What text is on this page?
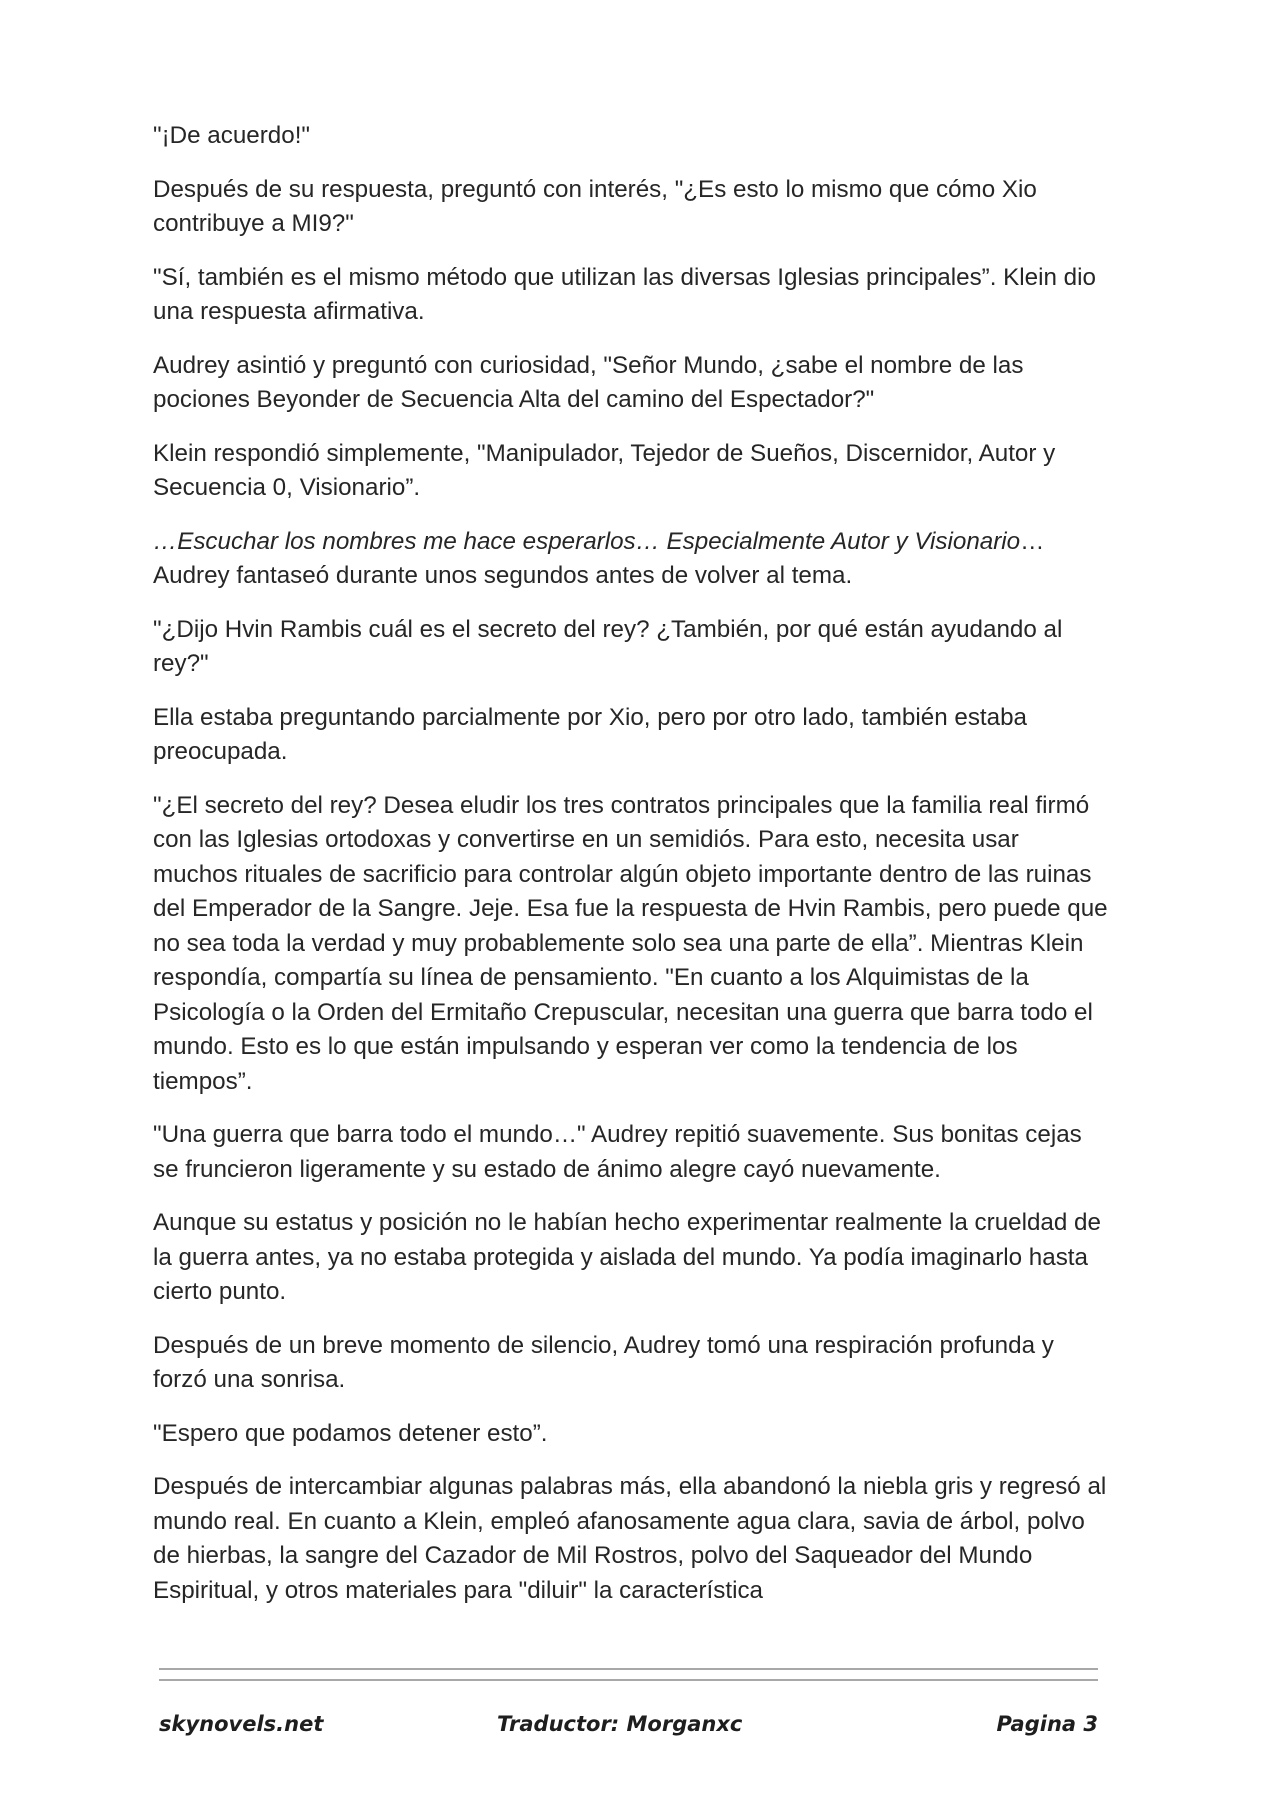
"¡De acuerdo!"

Después de su respuesta, preguntó con interés, "¿Es esto lo mismo que cómo Xio contribuye a MI9?"

"Sí, también es el mismo método que utilizan las diversas Iglesias principales”. Klein dio una respuesta afirmativa.

Audrey asintió y preguntó con curiosidad, "Señor Mundo, ¿sabe el nombre de las pociones Beyonder de Secuencia Alta del camino del Espectador?"

Klein respondió simplemente, "Manipulador, Tejedor de Sueños, Discernidor, Autor y Secuencia 0, Visionario”.

…Escuchar los nombres me hace esperarlos… Especialmente Autor y Visionario… Audrey fantaseó durante unos segundos antes de volver al tema.

"¿Dijo Hvin Rambis cuál es el secreto del rey? ¿También, por qué están ayudando al rey?"

Ella estaba preguntando parcialmente por Xio, pero por otro lado, también estaba preocupada.

"¿El secreto del rey? Desea eludir los tres contratos principales que la familia real firmó con las Iglesias ortodoxas y convertirse en un semidiós. Para esto, necesita usar muchos rituales de sacrificio para controlar algún objeto importante dentro de las ruinas del Emperador de la Sangre. Jeje. Esa fue la respuesta de Hvin Rambis, pero puede que no sea toda la verdad y muy probablemente solo sea una parte de ella”. Mientras Klein respondía, compartía su línea de pensamiento. "En cuanto a los Alquimistas de la Psicología o la Orden del Ermitaño Crepuscular, necesitan una guerra que barra todo el mundo. Esto es lo que están impulsando y esperan ver como la tendencia de los tiempos”.

"Una guerra que barra todo el mundo…" Audrey repitió suavemente. Sus bonitas cejas se fruncieron ligeramente y su estado de ánimo alegre cayó nuevamente.

Aunque su estatus y posición no le habían hecho experimentar realmente la crueldad de la guerra antes, ya no estaba protegida y aislada del mundo. Ya podía imaginarlo hasta cierto punto.

Después de un breve momento de silencio, Audrey tomó una respiración profunda y forzó una sonrisa.

"Espero que podamos detener esto”.

Después de intercambiar algunas palabras más, ella abandonó la niebla gris y regresó al mundo real. En cuanto a Klein, empleó afanosamente agua clara, savia de árbol, polvo de hierbas, la sangre del Cazador de Mil Rostros, polvo del Saqueador del Mundo Espiritual, y otros materiales para "diluir" la característica

skynovels.net	Traductor: Morganxc	Pagina 3
